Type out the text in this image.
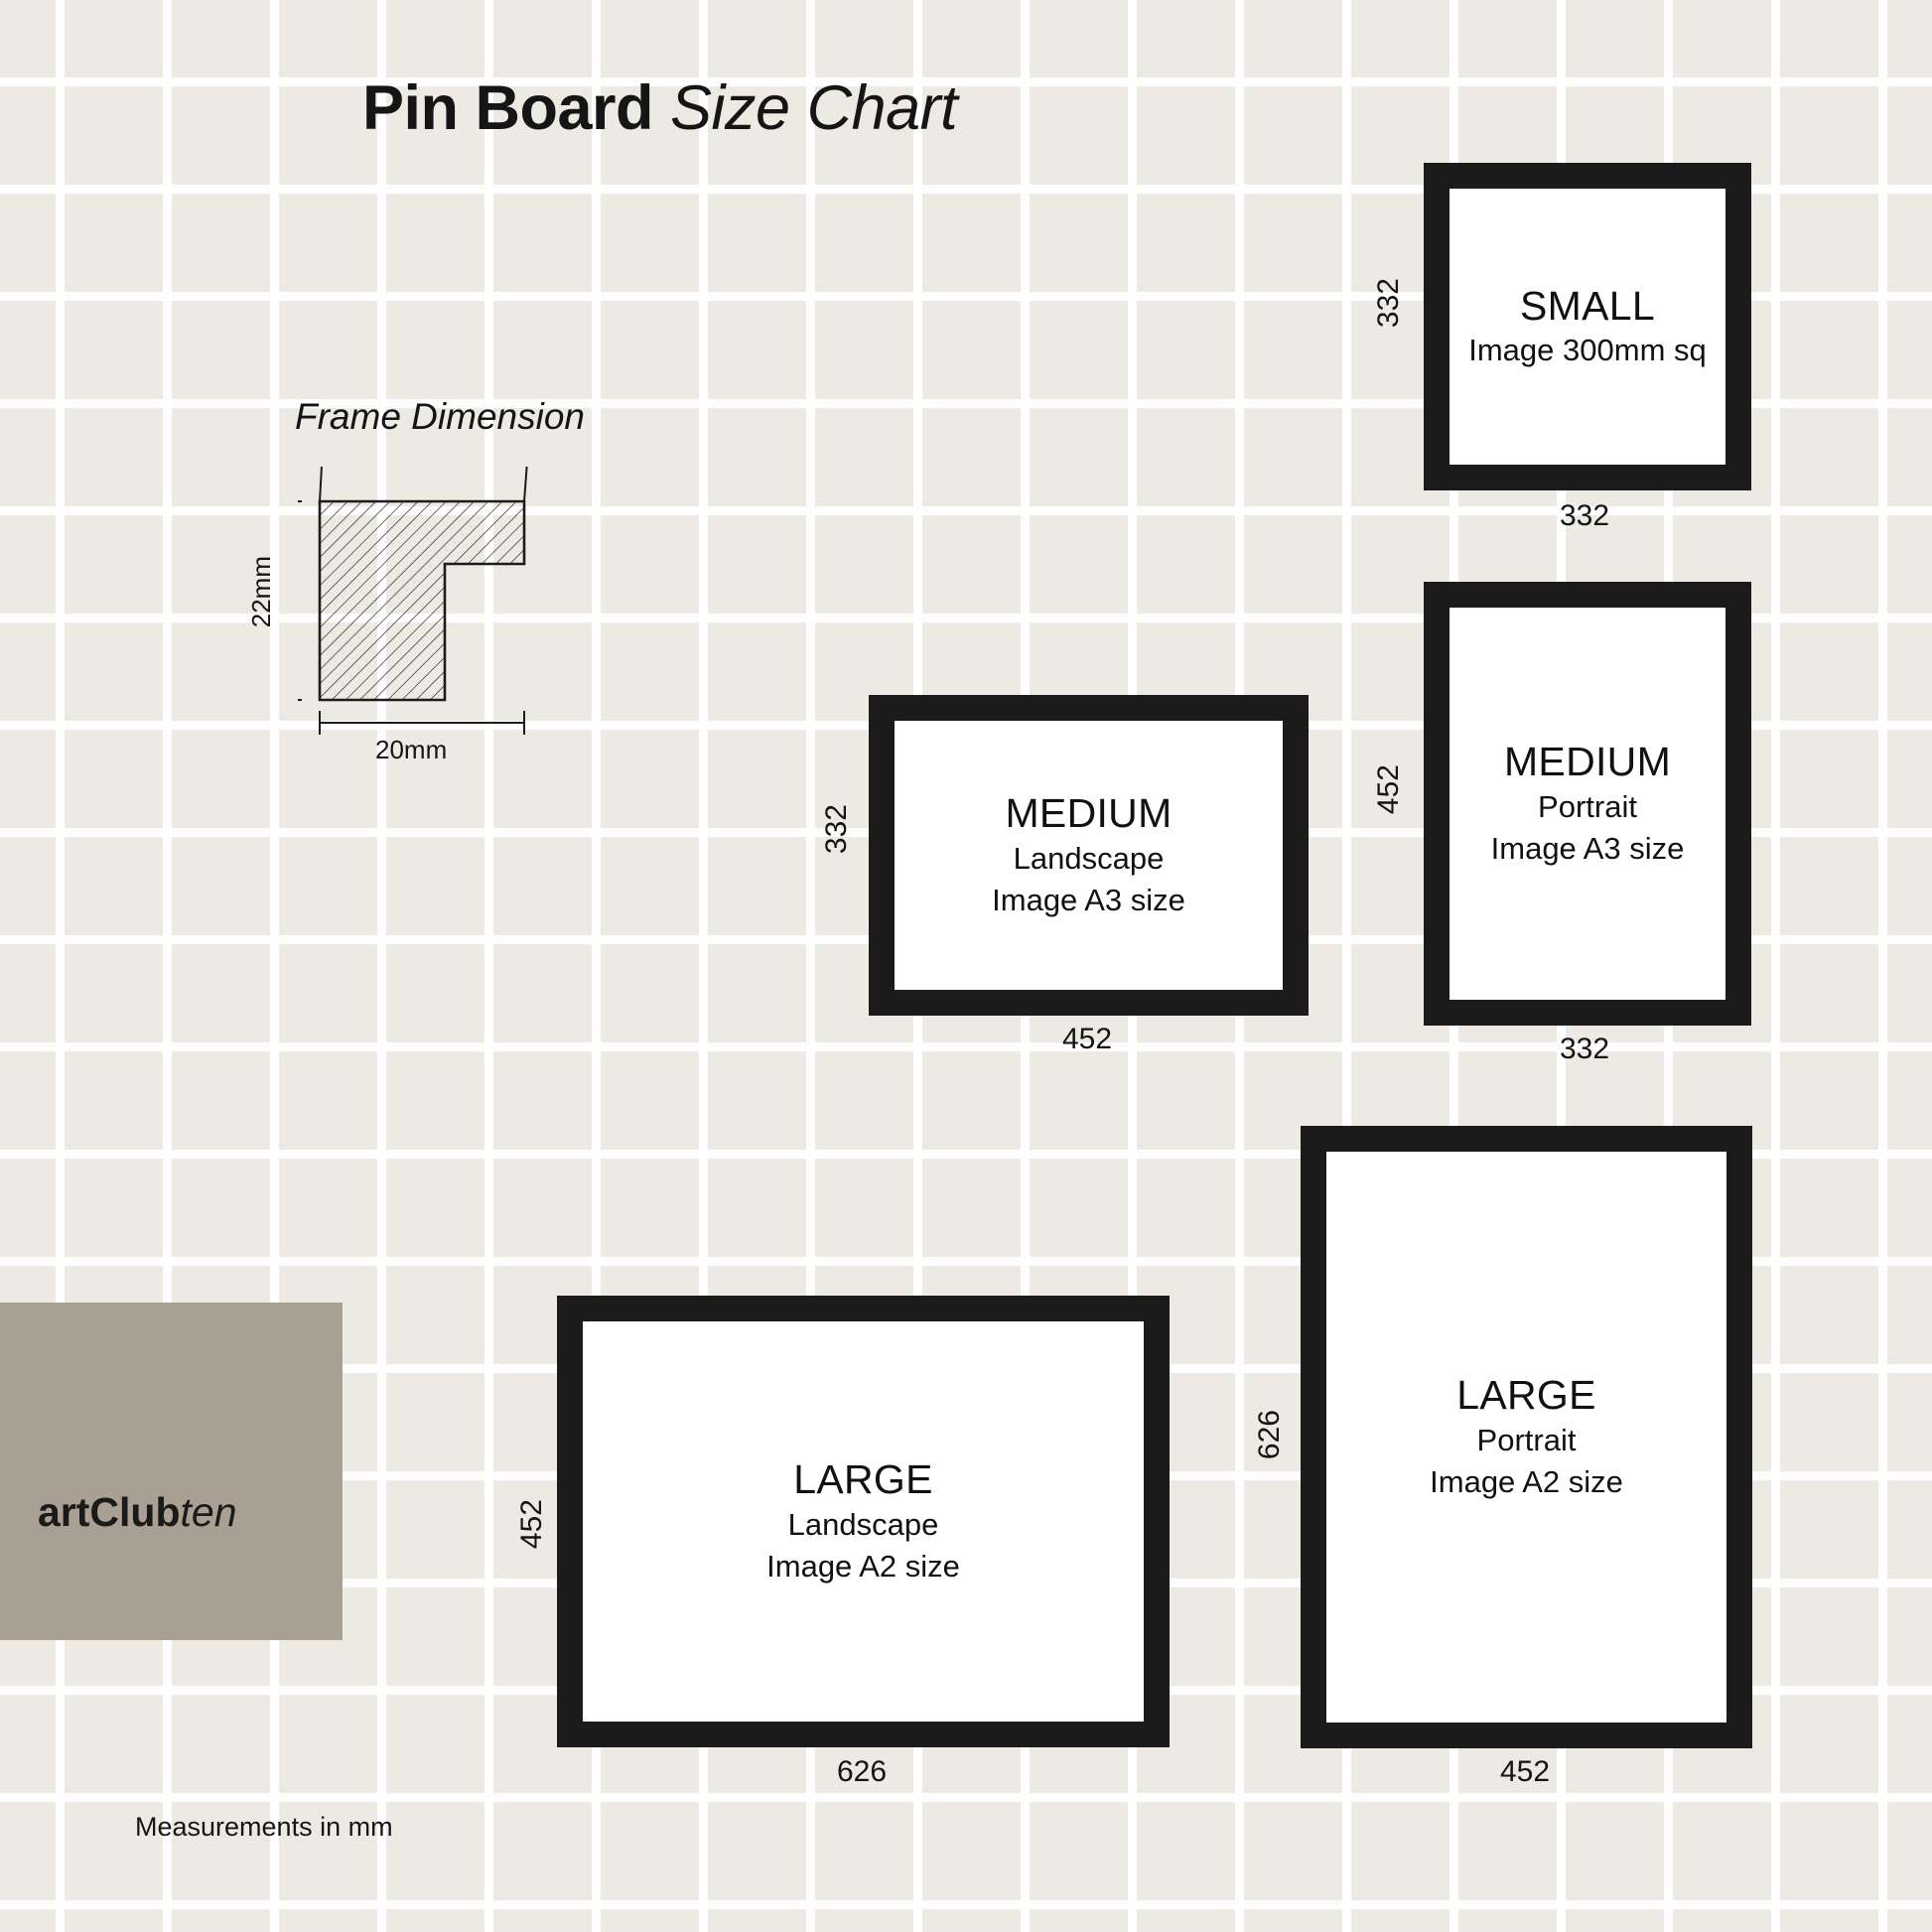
Pin Board Size Chart
Frame Dimension
22mm
20mm
SMALL
Image 300mm sq
332
332
MEDIUM
Portrait
Image A3 size
452
332
MEDIUM
Landscape
Image A3 size
332
452
LARGE
Portrait
Image A2 size
626
452
LARGE
Landscape
Image A2 size
452
626
artClubten
Measurements in mm
